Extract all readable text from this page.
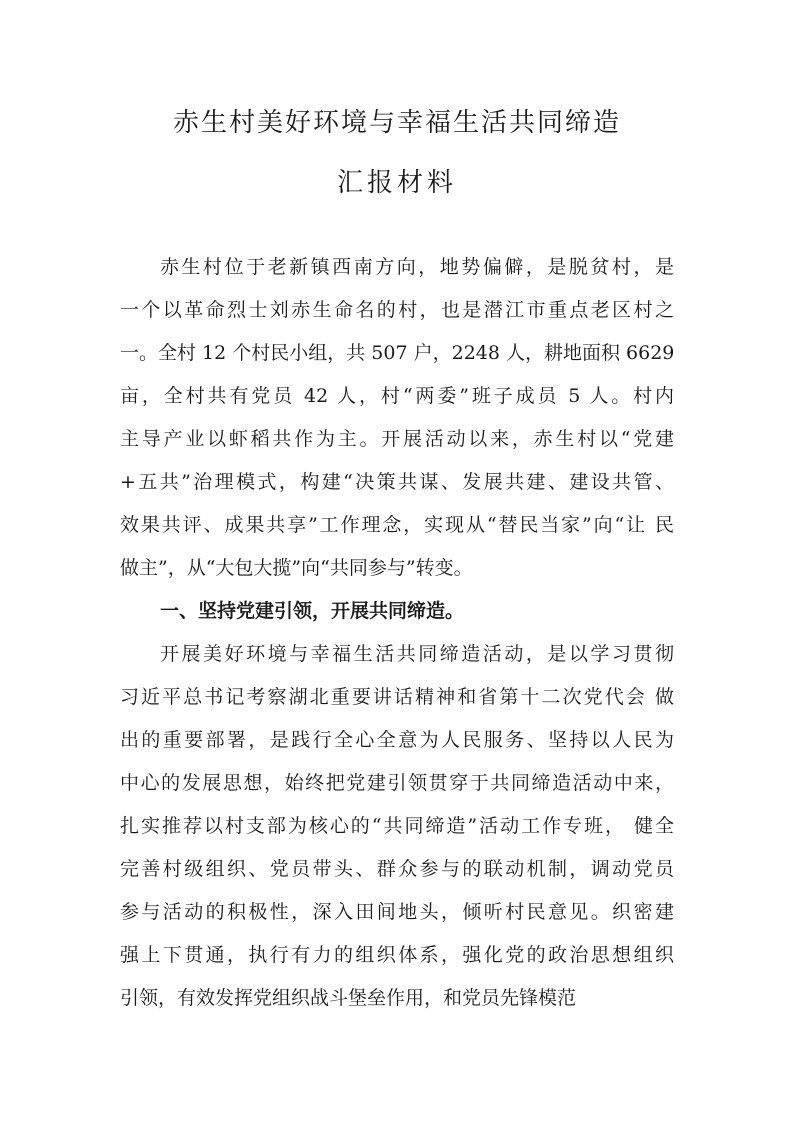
赤生村美好环境与幸福生活共同缔造
汇报材料
赤生村位于老新镇西南方向，地势偏僻，是脱贫村，是
一个以革命烈士刘赤生命名的村，也是潜江市重点老区村之
一。全村 12 个村民小组，共 507 户，2248 人，耕地面积 6629
亩，全村共有党员 42 人，村“两委”班子成员 5 人。村内
主导产业以虾稻共作为主。开展活动以来，赤生村以“党建
+五共”治理模式，构建“决策共谋、发展共建、建设共管、
效果共评、成果共享”工作理念，实现从“替民当家”向“让 民
做主”，从“大包大揽”向“共同参与”转变。
一、坚持党建引领，开展共同缔造。
开展美好环境与幸福生活共同缔造活动，是以学习贯彻
习近平总书记考察湖北重要讲话精神和省第十二次党代会 做
出的重要部署，是践行全心全意为人民服务、坚持以人民为
中心的发展思想，始终把党建引领贯穿于共同缔造活动中来，
扎实推荐以村支部为核心的“共同缔造”活动工作专班， 健全
完善村级组织、党员带头、群众参与的联动机制，调动党员
参与活动的积极性，深入田间地头，倾听村民意见。织密建
强上下贯通，执行有力的组织体系，强化党的政治思想组织
引领，有效发挥党组织战斗堡垒作用，和党员先锋模范
